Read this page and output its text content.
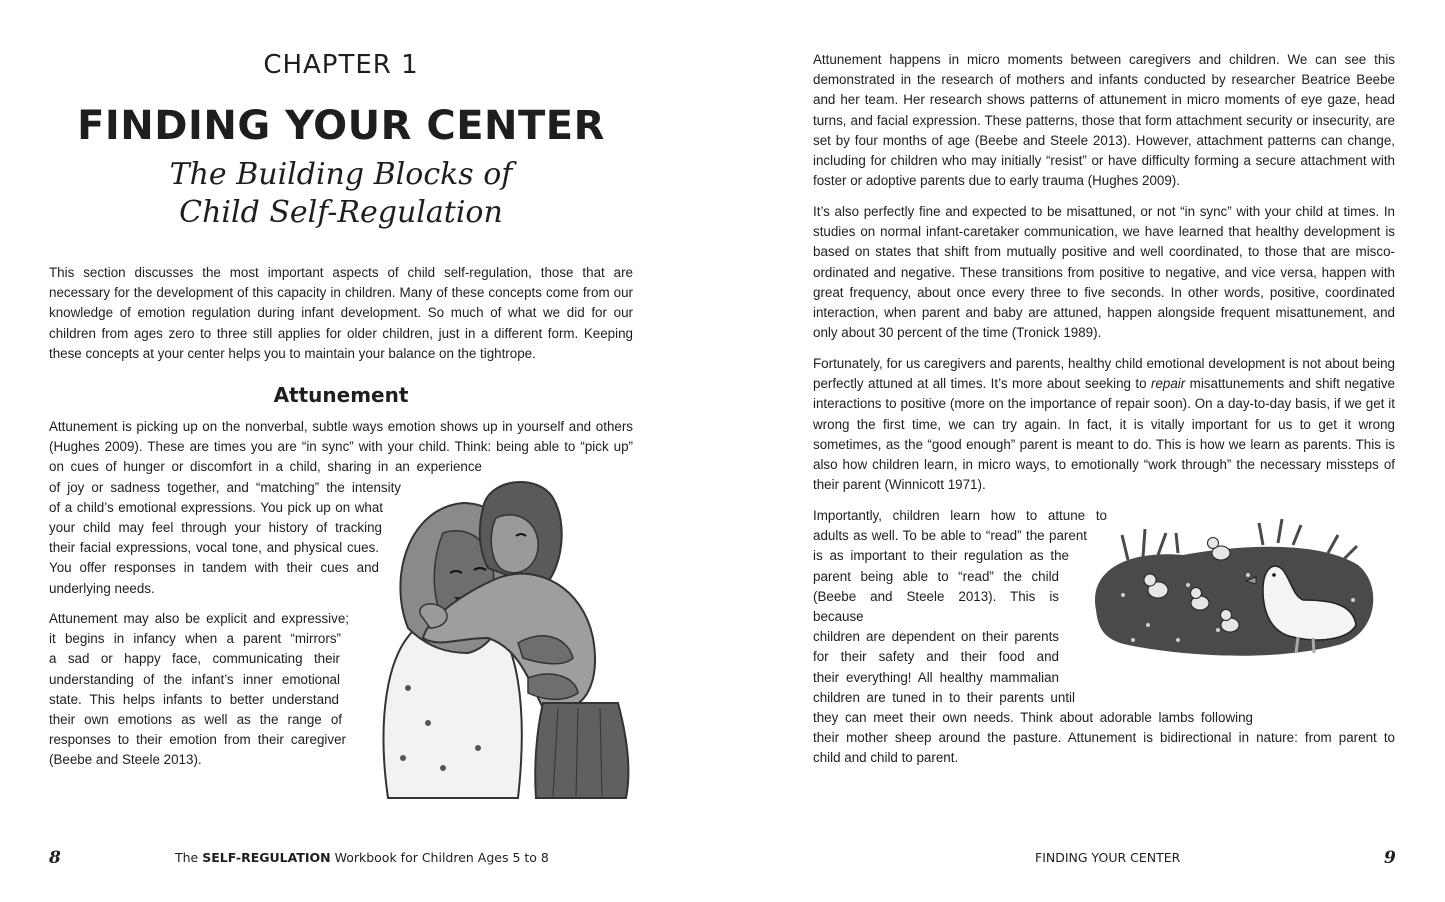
CHAPTER 1
FINDING YOUR CENTER
The Building Blocks of
Child Self-Regulation

This section discusses the most important aspects of child self-regulation, those that are necessary for the development of this capacity in children. Many of these concepts come from our knowledge of emotion regulation during infant development. So much of what we did for our children from ages zero to three still applies for older children, just in a different form. Keeping these concepts at your center helps you to maintain your balance on the tightrope.

Attunement
Attunement is picking up on the nonverbal, subtle ways emotion shows up in yourself and others
(Hughes 2009). These are times you are “in sync” with your child. Think: being able to “pick up”
on cues of hunger or discomfort in a child, sharing in an experience
of joy or sadness together, and “matching” the intensity
of a child’s emotional expressions. You pick up on what
your child may feel through your history of tracking
their facial expressions, vocal tone, and physical cues.
You offer responses in tandem with their cues and
underlying needs.
Attunement may also be explicit and expressive;
it begins in infancy when a parent “mirrors”
a sad or happy face, communicating their
understanding of the infant’s inner emotional
state. This helps infants to better understand
their own emotions as well as the range of
responses to their emotion from their caregiver
(Beebe and Steele 2013).
8	The SELF-REGULATION Workbook for Children Ages 5 to 8

Attunement happens in micro moments between caregivers and children. We can see this demonstrated in the research of mothers and infants conducted by researcher Beatrice Beebe and her team. Her research shows patterns of attunement in micro moments of eye gaze, head turns, and facial expression. These patterns, those that form attachment security or insecurity, are set by four months of age (Beebe and Steele 2013). However, attachment patterns can change, including for children who may initially “resist” or have difficulty forming a secure attachment with foster or adoptive parents due to early trauma (Hughes 2009).

It’s also perfectly fine and expected to be misattuned, or not “in sync” with your child at times. In studies on normal infant-caretaker communication, we have learned that healthy development is based on states that shift from mutually positive and well coordinated, to those that are miscoordinated and negative. These transitions from positive to negative, and vice versa, happen with great frequency, about once every three to five seconds. In other words, positive, coordinated interaction, when parent and baby are attuned, happen alongside frequent misattunement, and only about 30 percent of the time (Tronick 1989).

Fortunately, for us caregivers and parents, healthy child emotional development is not about being perfectly attuned at all times. It’s more about seeking to repair misattunements and shift negative interactions to positive (more on the importance of repair soon). On a day-to-day basis, if we get it wrong the first time, we can try again. In fact, it is vitally important for us to get it wrong sometimes, as the “good enough” parent is meant to do. This is how we learn as parents. This is also how children learn, in micro ways, to emotionally “work through” the necessary missteps of their parent (Winnicott 1971).

Importantly, children learn how to attune to
adults as well. To be able to “read” the parent
is as important to their regulation as the
parent being able to “read” the child
(Beebe and Steele 2013). This is because
children are dependent on their parents
for their safety and their food and
their everything! All healthy mammalian
children are tuned in to their parents until
they can meet their own needs. Think about adorable lambs following
their mother sheep around the pasture. Attunement is bidirectional in nature: from parent to
child and child to parent.
FINDING YOUR CENTER	9
